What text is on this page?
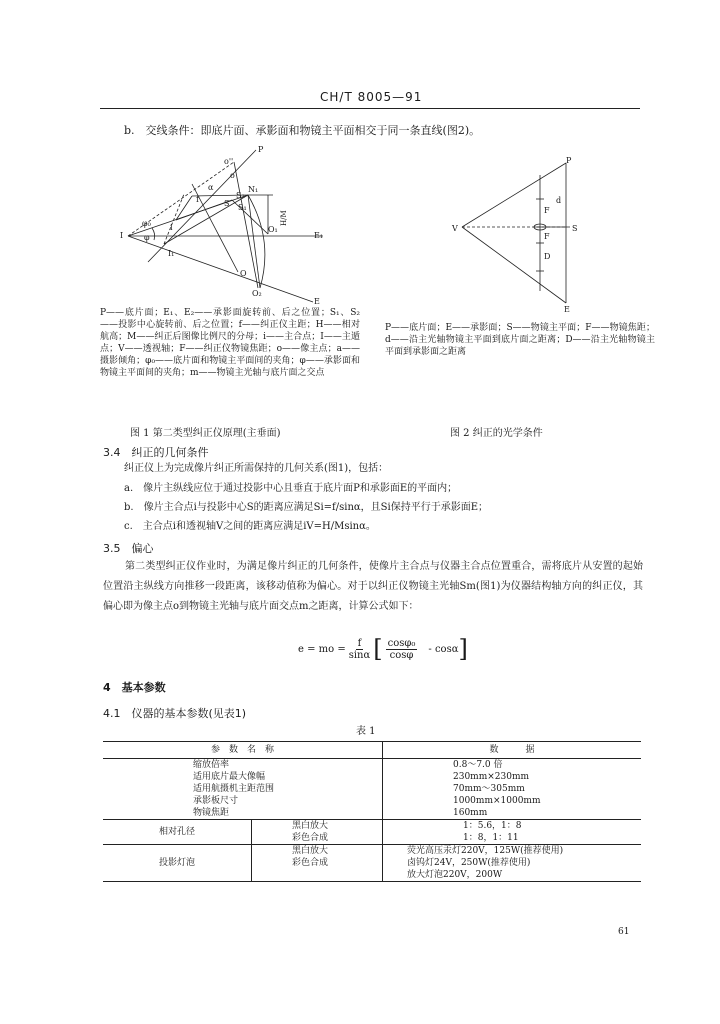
CH/T 8005—91
b.　交线条件：即底片面、承影面和物镜主平面相交于同一条直线(图2)。
P
o''
o
α	N₁
S₂
S₁
S
H/M
I
φ₀
φ
i
I₁
O₁
E₁
O
O₂
E
f
P——底片面；E₁、E₂——承影面旋转前、后之位置；S₁、S₂——投影中心旋转前、后之位置；f——纠正仪主距；H——相对航高；M——纠正后图像比例尺的分母；i——主合点；I——主遁点；V——透视轴；F——纠正仪物镜焦距；o——像主点；a——摄影倾角；φ₀——底片面和物镜主平面间的夹角；φ——承影面和物镜主平面间的夹角；m——物镜主光轴与底片面之交点
图 1 第二类型纠正仪原理(主垂面)
P
V	S
F
d
F
D
E
P——底片面；E——承影面；S——物镜主平面；F——物镜焦距；d——沿主光轴物镜主平面到底片面之距离；D——沿主光轴物镜主平面到承影面之距离
图 2 纠正的光学条件
3.4　纠正的几何条件
纠正仪上为完成像片纠正所需保持的几何关系(图1)，包括：
a.　像片主纵线应位于通过投影中心且垂直于底片面P和承影面E的平面内；
b.　像片主合点i与投影中心S的距离应满足Si=f/sinα，且Si保持平行于承影面E；
c.　主合点i和透视轴V之间的距离应满足iV=H/Msinα。
3.5　偏心
第二类型纠正仪作业时，为满足像片纠正的几何条件，使像片主合点与仪器主合点位置重合，需将底片从安置的起始位置沿主纵线方向推移一段距离，该移动值称为偏心。对于以纠正仪物镜主光轴Sm(图1)为仪器结构轴方向的纠正仪，其偏心即为像主点o到物镜主光轴与底片面交点m之距离，计算公式如下：
e = mo = $\frac{f}{\sin\alpha}$ [ $\frac{\text{cosφ₀}}{\cos\varphi}$ - cosα ]
4　基本参数
4.1　仪器的基本参数(见表1)
表 1
参　数　名　称		数　　　据
缩放倍率		0.8～7.0 倍
适用底片最大像幅		230mm×230mm
适用航摄机主距范围		70mm～305mm
承影板尺寸		1000mm×1000mm
物镜焦距		160mm
相对孔径	黑白放大	1：5.6，1：8
	彩色合成	1：8，1：11
投影灯泡	黑白放大	荧光高压汞灯220V，125W(推荐使用)
	彩色合成	卤钨灯24V，250W(推荐使用)
		放大灯泡220V，200W
61
